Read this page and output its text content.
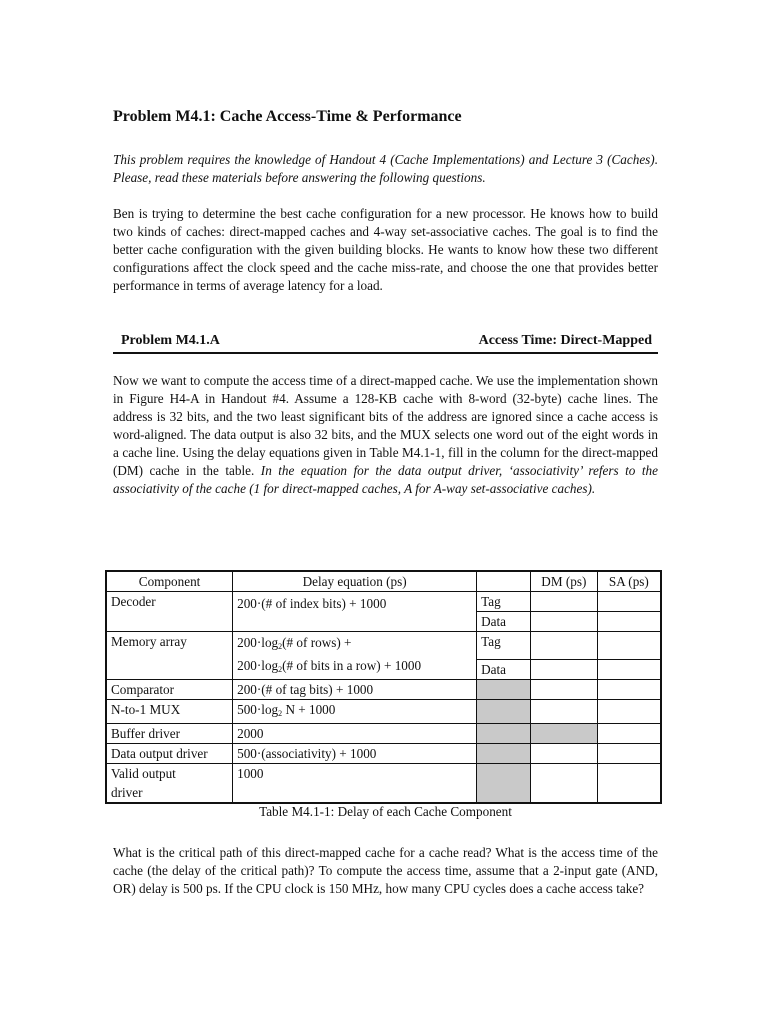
Problem M4.1: Cache Access-Time & Performance
This problem requires the knowledge of Handout 4 (Cache Implementations) and Lecture 3 (Caches). Please, read these materials before answering the following questions.
Ben is trying to determine the best cache configuration for a new processor. He knows how to build two kinds of caches: direct-mapped caches and 4-way set-associative caches. The goal is to find the better cache configuration with the given building blocks. He wants to know how these two different configurations affect the clock speed and the cache miss-rate, and choose the one that provides better performance in terms of average latency for a load.
Problem M4.1.A	Access Time: Direct-Mapped
Now we want to compute the access time of a direct-mapped cache. We use the implementation shown in Figure H4-A in Handout #4. Assume a 128-KB cache with 8-word (32-byte) cache lines. The address is 32 bits, and the two least significant bits of the address are ignored since a cache access is word-aligned. The data output is also 32 bits, and the MUX selects one word out of the eight words in a cache line. Using the delay equations given in Table M4.1-1, fill in the column for the direct-mapped (DM) cache in the table. In the equation for the data output driver, ‘associativity’ refers to the associativity of the cache (1 for direct-mapped caches, A for A-way set-associative caches).
Component	Delay equation (ps)		DM (ps)	SA (ps)
Decoder	200·(# of index bits) + 1000	Tag		
		Data		
Memory array	$200\cdot\log_2(\#$ of rows) +
$200\cdot\log_2(\#$ of bits in a row) + 1000	Tag		
		Data		
Comparator	200·(# of tag bits) + 1000			
N-to-1 MUX	$500\cdot\log_2$ N + 1000			
Buffer driver	2000			
Data output driver	500·(associativity) + 1000			

Valid output
driver	1000			
Table M4.1-1: Delay of each Cache Component
What is the critical path of this direct-mapped cache for a cache read? What is the access time of the cache (the delay of the critical path)? To compute the access time, assume that a 2-input gate (AND, OR) delay is 500 ps. If the CPU clock is 150 MHz, how many CPU cycles does a cache access take?
